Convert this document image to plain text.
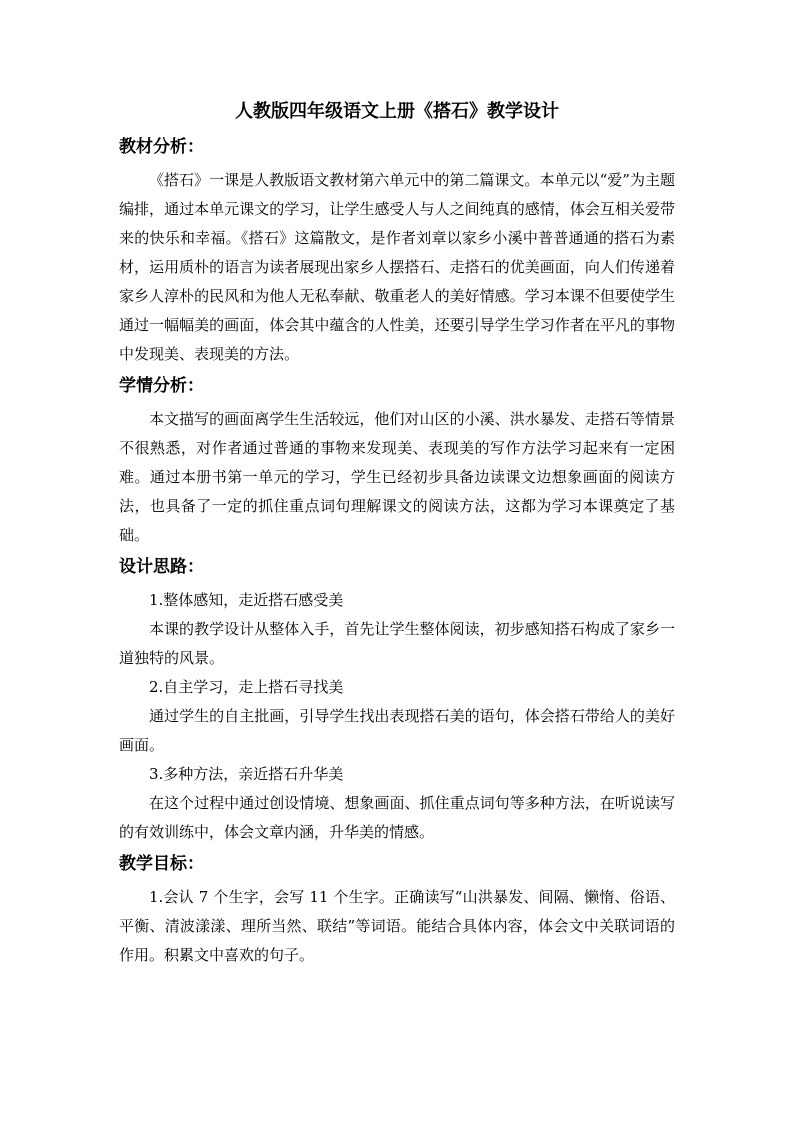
人教版四年级语文上册《搭石》教学设计
教材分析：

《搭石》一课是人教版语文教材第六单元中的第二篇课文。本单元以“爱”为主题编排，通过本单元课文的学习，让学生感受人与人之间纯真的感情，体会互相关爱带来的快乐和幸福。《搭石》这篇散文，是作者刘章以家乡小溪中普普通通的搭石为素材，运用质朴的语言为读者展现出家乡人摆搭石、走搭石的优美画面，向人们传递着家乡人淳朴的民风和为他人无私奉献、敬重老人的美好情感。学习本课不但要使学生通过一幅幅美的画面，体会其中蕴含的人性美，还要引导学生学习作者在平凡的事物中发现美、表现美的方法。

学情分析：

本文描写的画面离学生生活较远，他们对山区的小溪、洪水暴发、走搭石等情景不很熟悉，对作者通过普通的事物来发现美、表现美的写作方法学习起来有一定困难。通过本册书第一单元的学习，学生已经初步具备边读课文边想象画面的阅读方法，也具备了一定的抓住重点词句理解课文的阅读方法，这都为学习本课奠定了基础。

设计思路：

1.整体感知，走近搭石感受美

本课的教学设计从整体入手，首先让学生整体阅读，初步感知搭石构成了家乡一道独特的风景。

2.自主学习，走上搭石寻找美

通过学生的自主批画，引导学生找出表现搭石美的语句，体会搭石带给人的美好画面。

3.多种方法，亲近搭石升华美

在这个过程中通过创设情境、想象画面、抓住重点词句等多种方法，在听说读写的有效训练中，体会文章内涵，升华美的情感。

教学目标：

1.会认 7 个生字，会写 11 个生字。正确读写“山洪暴发、间隔、懒惰、俗语、平衡、清波漾漾、理所当然、联结”等词语。能结合具体内容，体会文中关联词语的作用。积累文中喜欢的句子。
